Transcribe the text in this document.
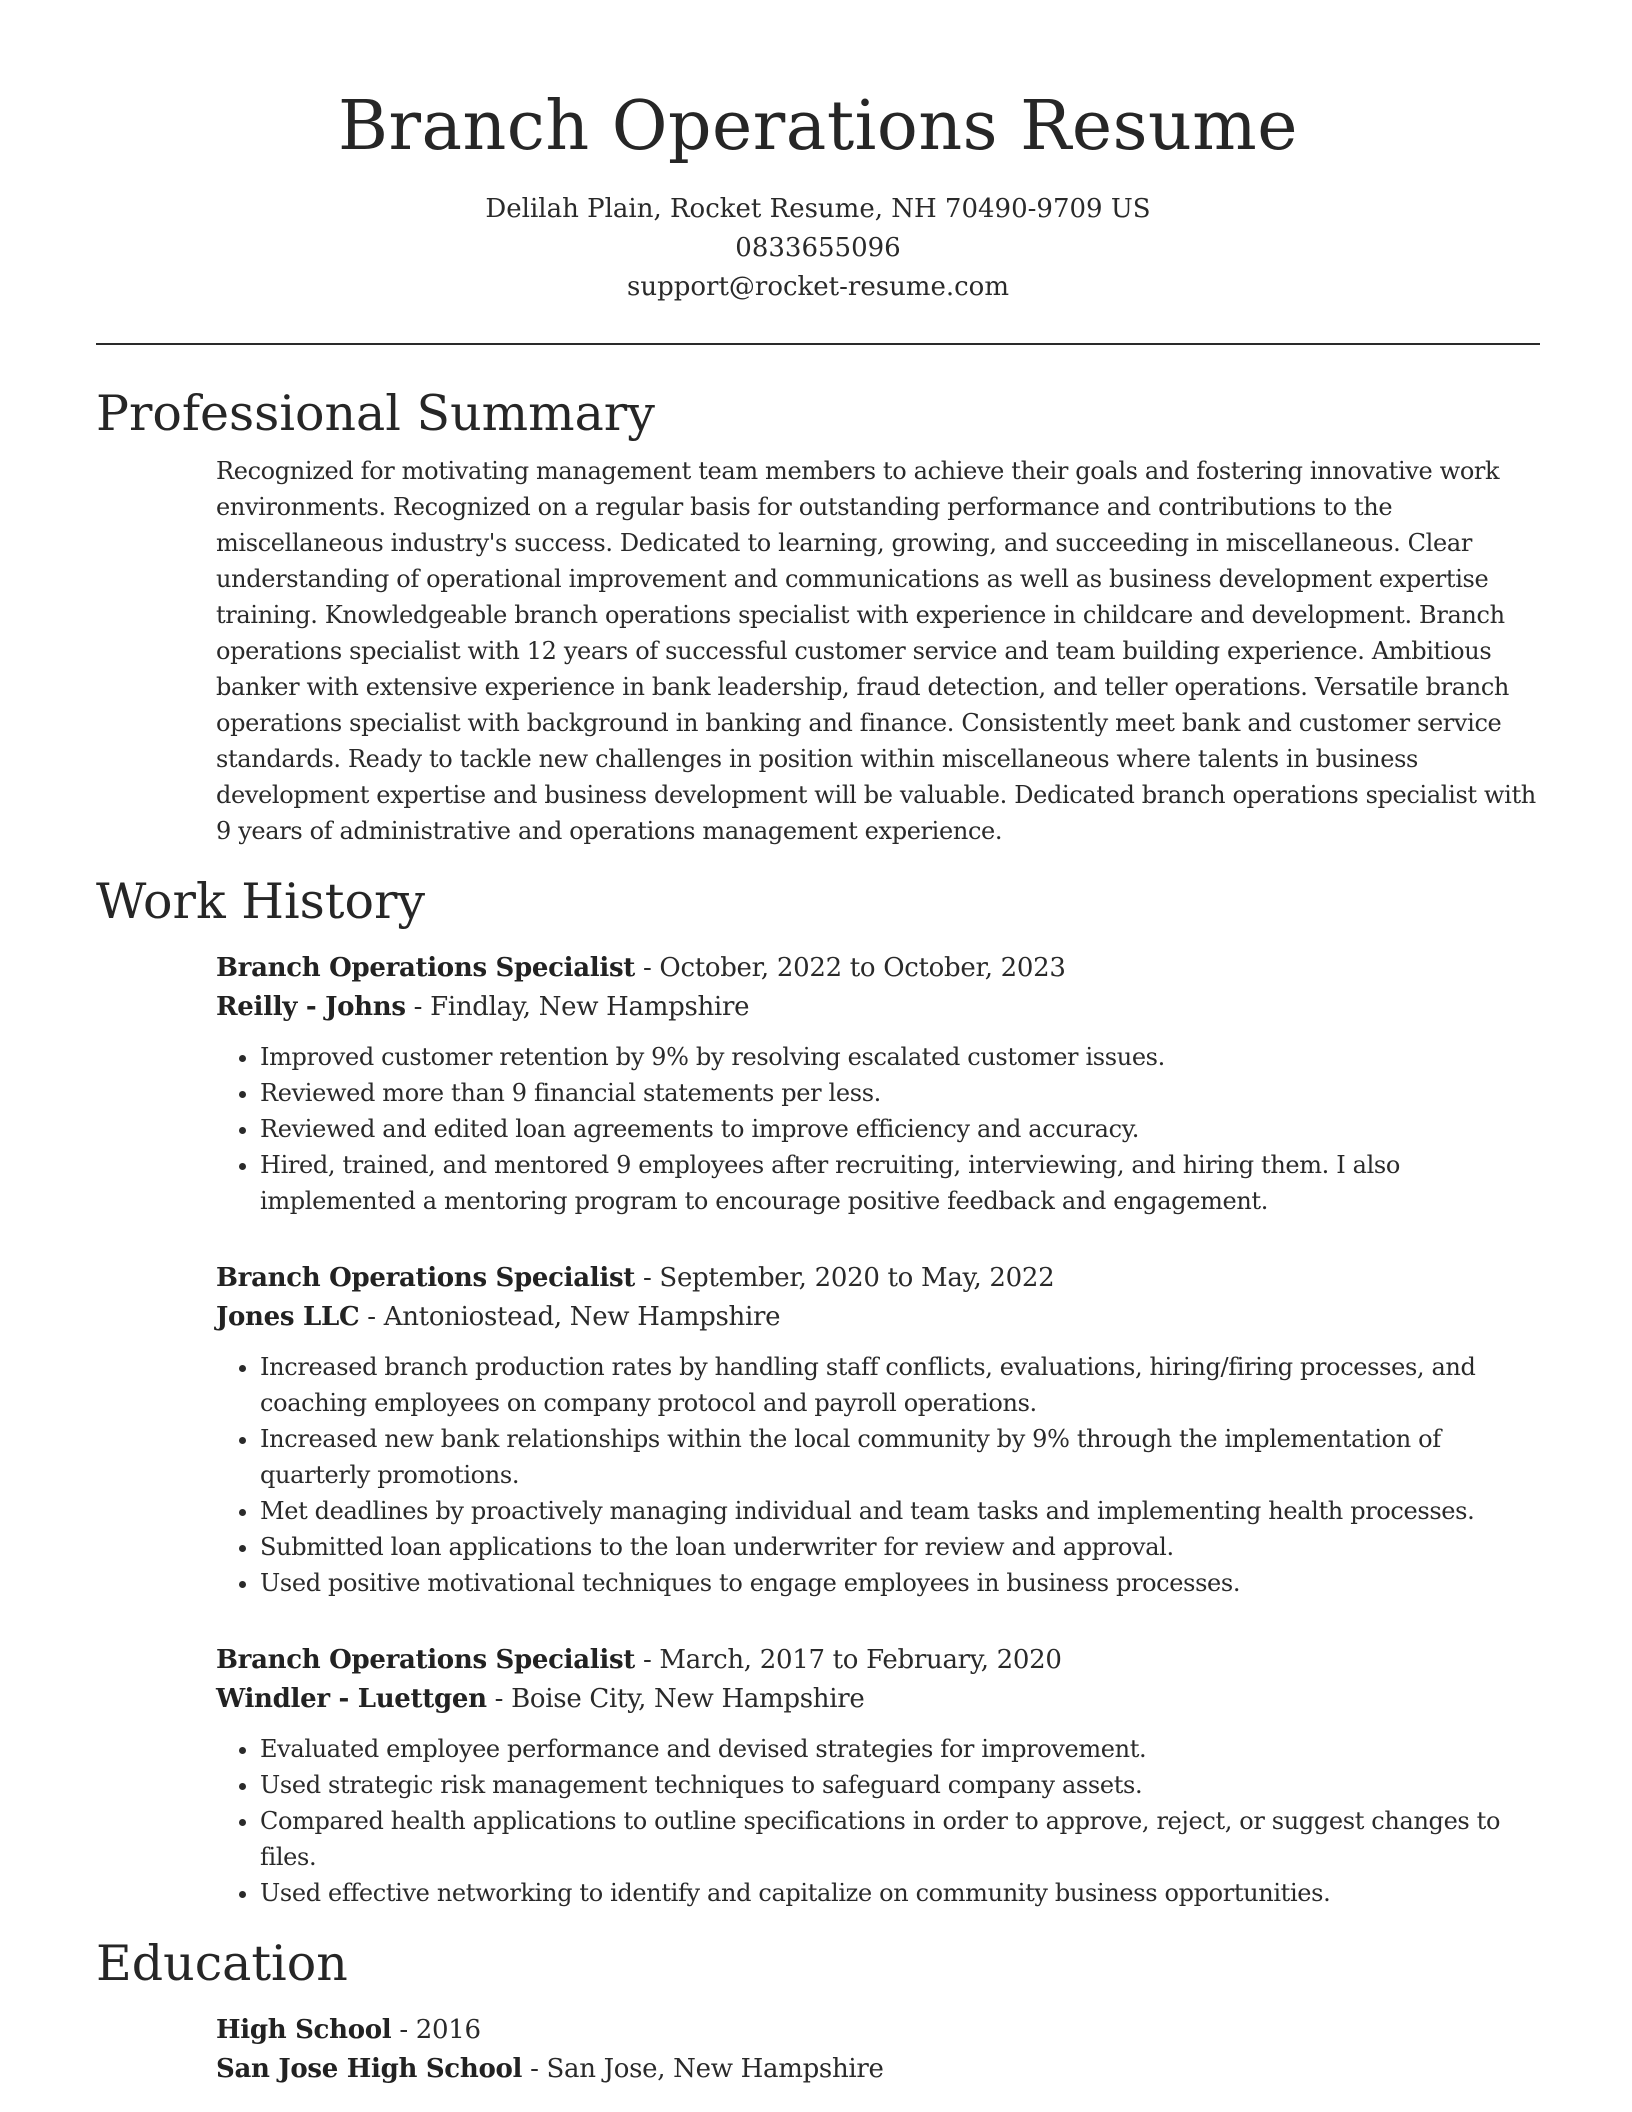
Branch Operations Resume
Delilah Plain, Rocket Resume, NH 70490-9709 US
0833655096
support@rocket-resume.com
Professional Summary

Recognized for motivating management team members to achieve their goals and fostering innovative work environments. Recognized on a regular basis for outstanding performance and contributions to the miscellaneous industry's success. Dedicated to learning, growing, and succeeding in miscellaneous. Clear understanding of operational improvement and communications as well as business development expertise training. Knowledgeable branch operations specialist with experience in childcare and development. Branch operations specialist with 12 years of successful customer service and team building experience. Ambitious banker with extensive experience in bank leadership, fraud detection, and teller operations. Versatile branch operations specialist with background in banking and finance. Consistently meet bank and customer service standards. Ready to tackle new challenges in position within miscellaneous where talents in business development expertise and business development will be valuable. Dedicated branch operations specialist with 9 years of administrative and operations management experience.

Work History

Branch Operations Specialist - October, 2022 to October, 2023

Reilly - Johns - Findlay, New Hampshire

• Improved customer retention by 9% by resolving escalated customer issues.
• Reviewed more than 9 financial statements per less.
• Reviewed and edited loan agreements to improve efficiency and accuracy.
• Hired, trained, and mentored 9 employees after recruiting, interviewing, and hiring them. I also implemented a mentoring program to encourage positive feedback and engagement.

Branch Operations Specialist - September, 2020 to May, 2022

Jones LLC - Antoniostead, New Hampshire

• Increased branch production rates by handling staff conflicts, evaluations, hiring/firing processes, and coaching employees on company protocol and payroll operations.
• Increased new bank relationships within the local community by 9% through the implementation of quarterly promotions.
• Met deadlines by proactively managing individual and team tasks and implementing health processes.
• Submitted loan applications to the loan underwriter for review and approval.
• Used positive motivational techniques to engage employees in business processes.

Branch Operations Specialist - March, 2017 to February, 2020

Windler - Luettgen - Boise City, New Hampshire

• Evaluated employee performance and devised strategies for improvement.
• Used strategic risk management techniques to safeguard company assets.
• Compared health applications to outline specifications in order to approve, reject, or suggest changes to files.
• Used effective networking to identify and capitalize on community business opportunities.
Education

High School - 2016

San Jose High School - San Jose, New Hampshire
